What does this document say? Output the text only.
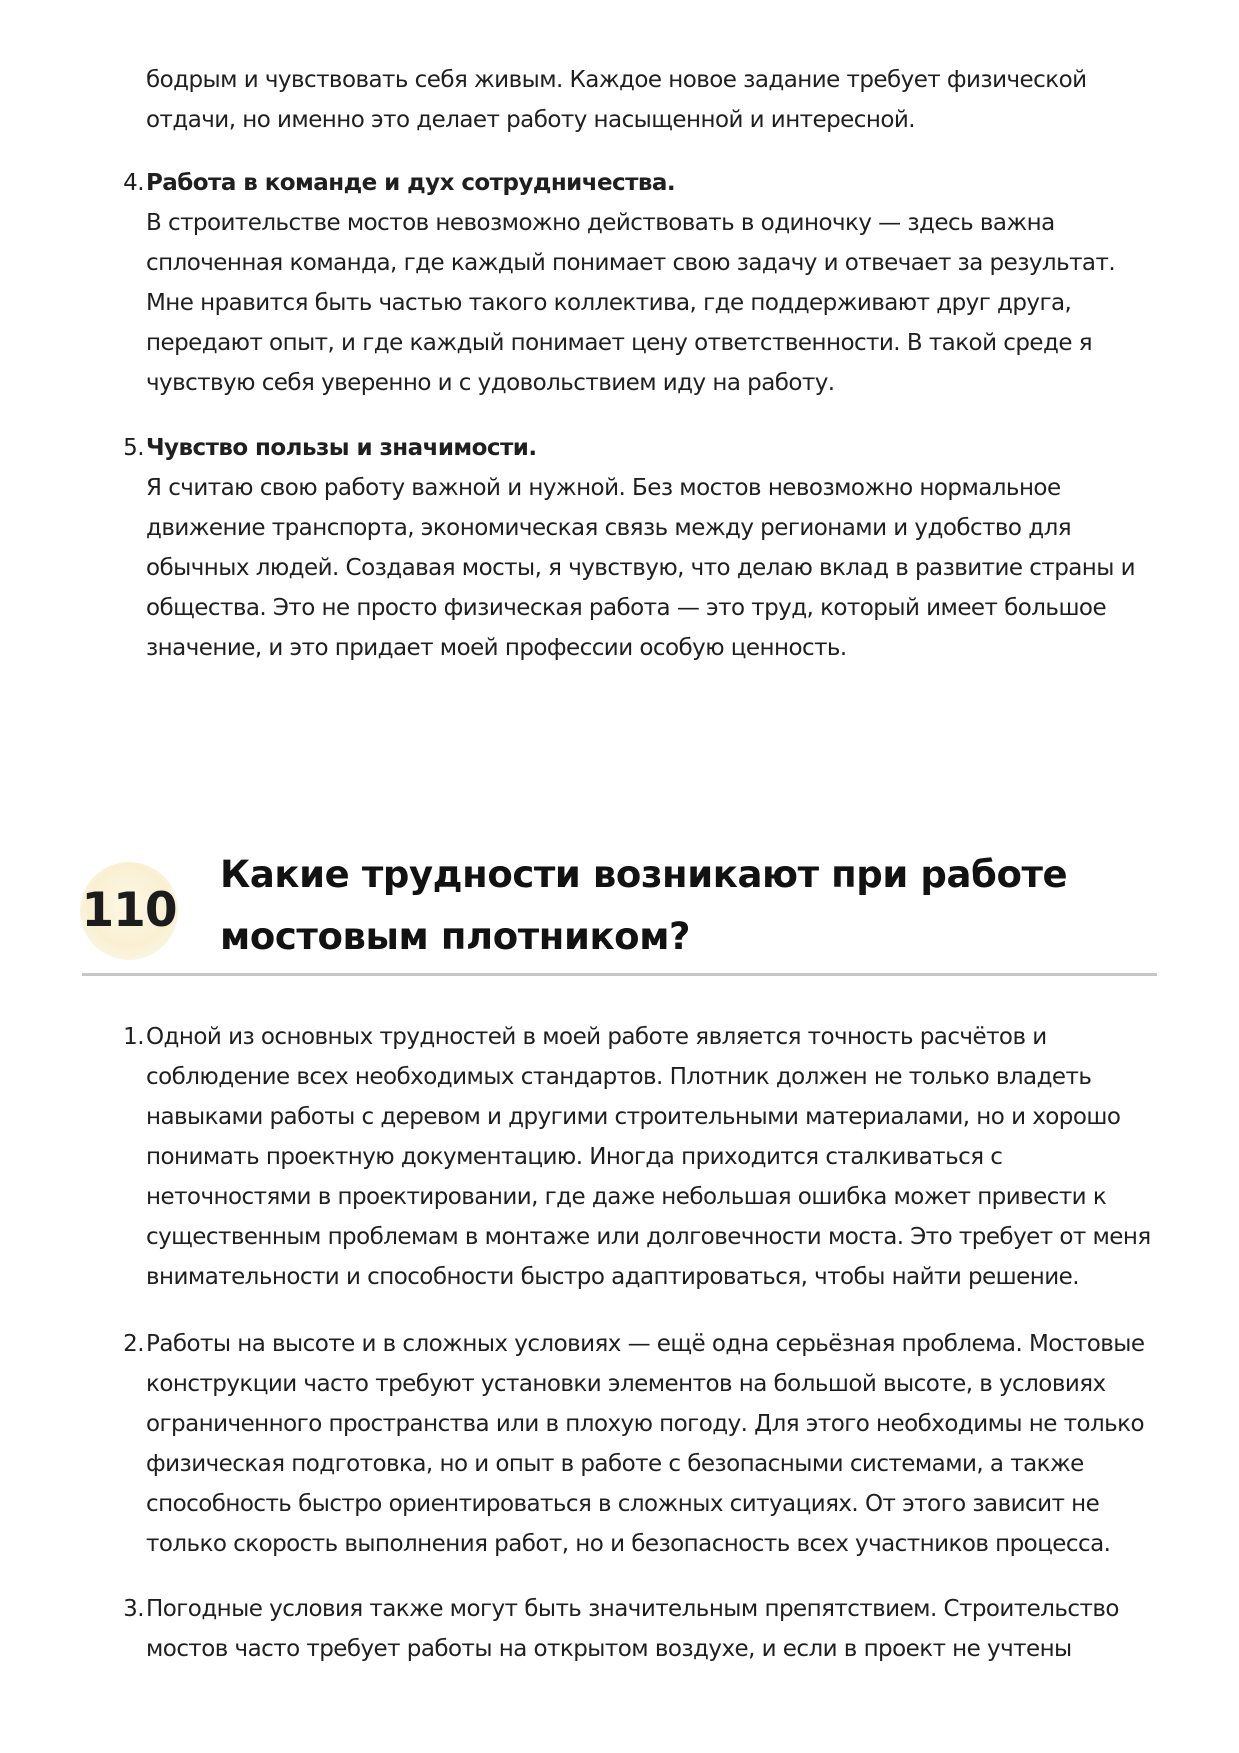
бодрым и чувствовать себя живым. Каждое новое задание требует физической отдачи, но именно это делает работу насыщенной и интересной.

4. Работа в команде и дух сотрудничества.
В строительстве мостов невозможно действовать в одиночку — здесь важна сплоченная команда, где каждый понимает свою задачу и отвечает за результат. Мне нравится быть частью такого коллектива, где поддерживают друг друга, передают опыт, и где каждый понимает цену ответственности. В такой среде я чувствую себя уверенно и с удовольствием иду на работу.
5. Чувство пользы и значимости.
Я считаю свою работу важной и нужной. Без мостов невозможно нормальное движение транспорта, экономическая связь между регионами и удобство для обычных людей. Создавая мосты, я чувствую, что делаю вклад в развитие страны и общества. Это не просто физическая работа — это труд, который имеет большое значение, и это придает моей профессии особую ценность.
110
Какие трудности возникают при работе мостовым плотником?
1. Одной из основных трудностей в моей работе является точность расчётов и соблюдение всех необходимых стандартов. Плотник должен не только владеть навыками работы с деревом и другими строительными материалами, но и хорошо понимать проектную документацию. Иногда приходится сталкиваться с неточностями в проектировании, где даже небольшая ошибка может привести к существенным проблемам в монтаже или долговечности моста. Это требует от меня внимательности и способности быстро адаптироваться, чтобы найти решение.
2. Работы на высоте и в сложных условиях — ещё одна серьёзная проблема. Мостовые конструкции часто требуют установки элементов на большой высоте, в условиях ограниченного пространства или в плохую погоду. Для этого необходимы не только физическая подготовка, но и опыт в работе с безопасными системами, а также способность быстро ориентироваться в сложных ситуациях. От этого зависит не только скорость выполнения работ, но и безопасность всех участников процесса.
3. Погодные условия также могут быть значительным препятствием. Строительство мостов часто требует работы на открытом воздухе, и если в проект не учтены
